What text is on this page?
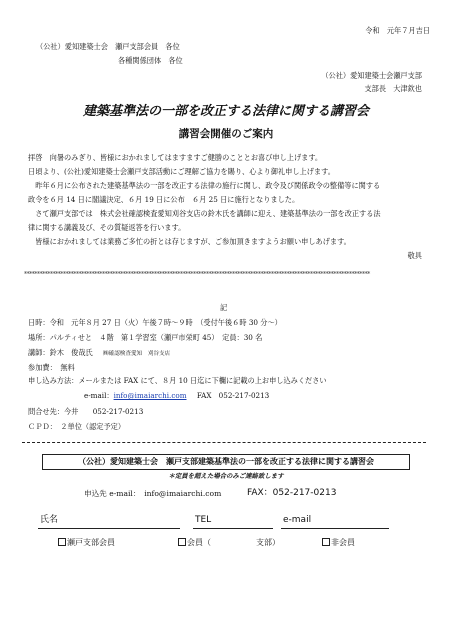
令和　元年７月吉日
（公社）愛知建築士会　瀬戸支部会員　各位
各種関係団体　各位
（公社）愛知建築士会瀬戸支部
支部長　大津欽也
建築基準法の一部を改正する法律に関する講習会
講習会開催のご案内
拝啓　向暑のみぎり、皆様におかれましてはますますご健勝のこととお喜び申し上げます。
日頃より、(公社)愛知建築士会瀬戸支部活動にご理解ご協力を賜り、心より御礼申し上げます。
　昨年６月に公布された建築基準法の一部を改正する法律の施行に関し、政令及び関係政令の整備等に関する
政令を６月 14 日に閣議決定、６月 19 日に公布　６月 25 日に施行となりました。
　さて瀬戸支部では　株式会社確認検査愛知刈谷支店の鈴木氏を講師に迎え、建築基準法の一部を改正する法
律に関する講義及び、その質疑返答を行います。
　皆様におかれましては業務ご多忙の折とは存じますが、ご参加頂きますようお願い申しあげます。
敬具
*************************************************************************************************************************************
記
日時：令和　元年８月 27 日（火）午後７時〜９時　（受付午後６時 30 分〜）
場所：パルティせと　４階　第１学習室（瀬戸市栄町 45）　定員：30 名
講師：鈴木　俊哉氏 ㈱確認検査愛知　刈谷支店
参加費：　無料
申し込み方法：メールまたは FAX にて、８月 10 日迄に下欄に記載の上お申し込みください
e-mail：info@imaiarchi.com FAX　052-217-0213
問合せ先：今井　　052-217-0213
ＣＰＤ：　２単位（認定予定）
（公社）愛知建築士会　瀬戸支部建築基準法の一部を改正する法律に関する講習会
＊定員を超えた場合のみご連絡致します
申込先 e-mail：　info@imaiarchi.com	FAX：052-217-0213
氏名	TEL	e-mail
瀬戸支部会員	会員（	支部）	非会員
